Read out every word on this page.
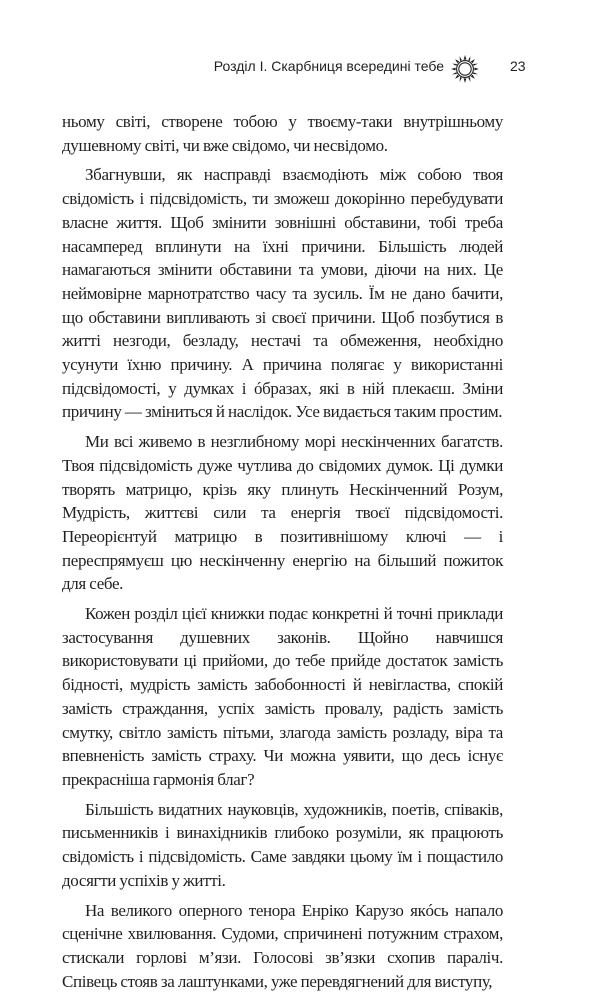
Розділ І. Скарбниця всередині тебе	23

ньому світі, створене тобою у твоєму-таки внутрішньому душевному світі, чи вже свідомо, чи несвідомо.

Збагнувши, як насправді взаємодіють між собою твоя свідомість і підсвідомість, ти зможеш докорінно перебудувати власне життя. Щоб змінити зовнішні обставини, тобі треба насамперед вплинути на їхні причини. Більшість людей намагаються змінити обставини та умови, діючи на них. Це неймовірне марнотратство часу та зусиль. Їм не дано бачити, що обставини випливають зі своєї причини. Щоб позбутися в житті незгоди, безладу, нестачі та обмеження, необхідно усунути їхню причину. А причина полягає у використанні підсвідомості, у думках і óбразах, які в ній плекаєш. Зміни причину — зміниться й наслідок. Усе видається таким простим.

Ми всі живемо в незглибному морі нескінченних багатств. Твоя підсвідомість дуже чутлива до свідомих думок. Ці думки творять матрицю, крізь яку плинуть Нескінченний Розум, Мудрість, життєві сили та енергія твоєї підсвідомості. Переорієнтуй матрицю в позитивнішому ключі — і переспрямуєш цю нескінченну енергію на більший пожиток для себе.

Кожен розділ цієї книжки подає конкретні й точні приклади застосування душевних законів. Щойно навчишся використовувати ці прийоми, до тебе прийде достаток замість бідності, мудрість замість забобонності й невігластва, спокій замість страждання, успіх замість провалу, радість замість смутку, світло замість пітьми, злагода замість розладу, віра та впевненість замість страху. Чи можна уявити, що десь існує прекрасніша гармонія благ?

Більшість видатних науковців, художників, поетів, співаків, письменників і винахідників глибоко розуміли, як працюють свідомість і підсвідомість. Саме завдяки цьому їм і пощастило досягти успіхів у житті.

На великого оперного тенора Енріко Карузо якóсь напало сценічне хвилювання. Судоми, спричинені потужним страхом, стискали горлові м’язи. Голосові зв’язки схопив параліч. Співець стояв за лаштунками, уже перевдягнений для виступу,
